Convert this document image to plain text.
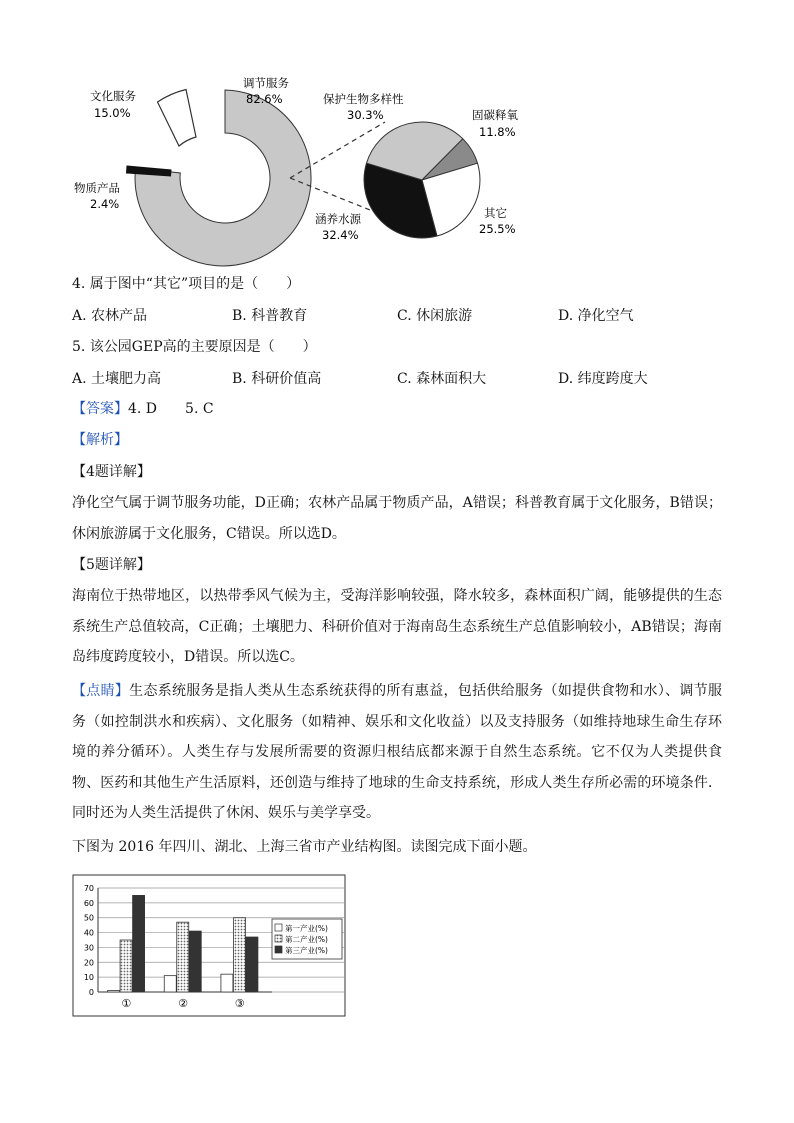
文化服务
15.0%
调节服务
82.6%
物质产品
2.4%
保护生物多样性
30.3%	固碳释氧
11.8%
其它
25.5%
涵养水源
32.4%
4. 属于图中“其它”项目的是（　　）
A. 农林产品	B. 科普教育	C. 休闲旅游	D. 净化空气
5. 该公园GEP高的主要原因是（　　）
A. 土壤肥力高	B. 科研价值高	C. 森林面积大	D. 纬度跨度大
【答案】4. D　　5. C
【解析】
【4题详解】
净化空气属于调节服务功能，D正确；农林产品属于物质产品，A错误；科普教育属于文化服务，B错误；休闲旅游属于文化服务，C错误。所以选D。
【5题详解】
海南位于热带地区，以热带季风气候为主，受海洋影响较强，降水较多，森林面积广阔，能够提供的生态系统生产总值较高，C正确；土壤肥力、科研价值对于海南岛生态系统生产总值影响较小，AB错误；海南岛纬度跨度较小，D错误。所以选C。
【点睛】生态系统服务是指人类从生态系统获得的所有惠益，包括供给服务（如提供食物和水）、调节服务（如控制洪水和疾病）、文化服务（如精神、娱乐和文化收益）以及支持服务（如维持地球生命生存环境的养分循环）。人类生存与发展所需要的资源归根结底都来源于自然生态系统。它不仅为人类提供食物、医药和其他生产生活原料，还创造与维持了地球的生命支持系统，形成人类生存所必需的环境条件．同时还为人类生活提供了休闲、娱乐与美学享受。
下图为 2016 年四川、湖北、上海三省市产业结构图。读图完成下面小题。
0
10
20
30
40
50
60
70
①	②	③
第一产业(%)
第二产业(%)
第三产业(%)
